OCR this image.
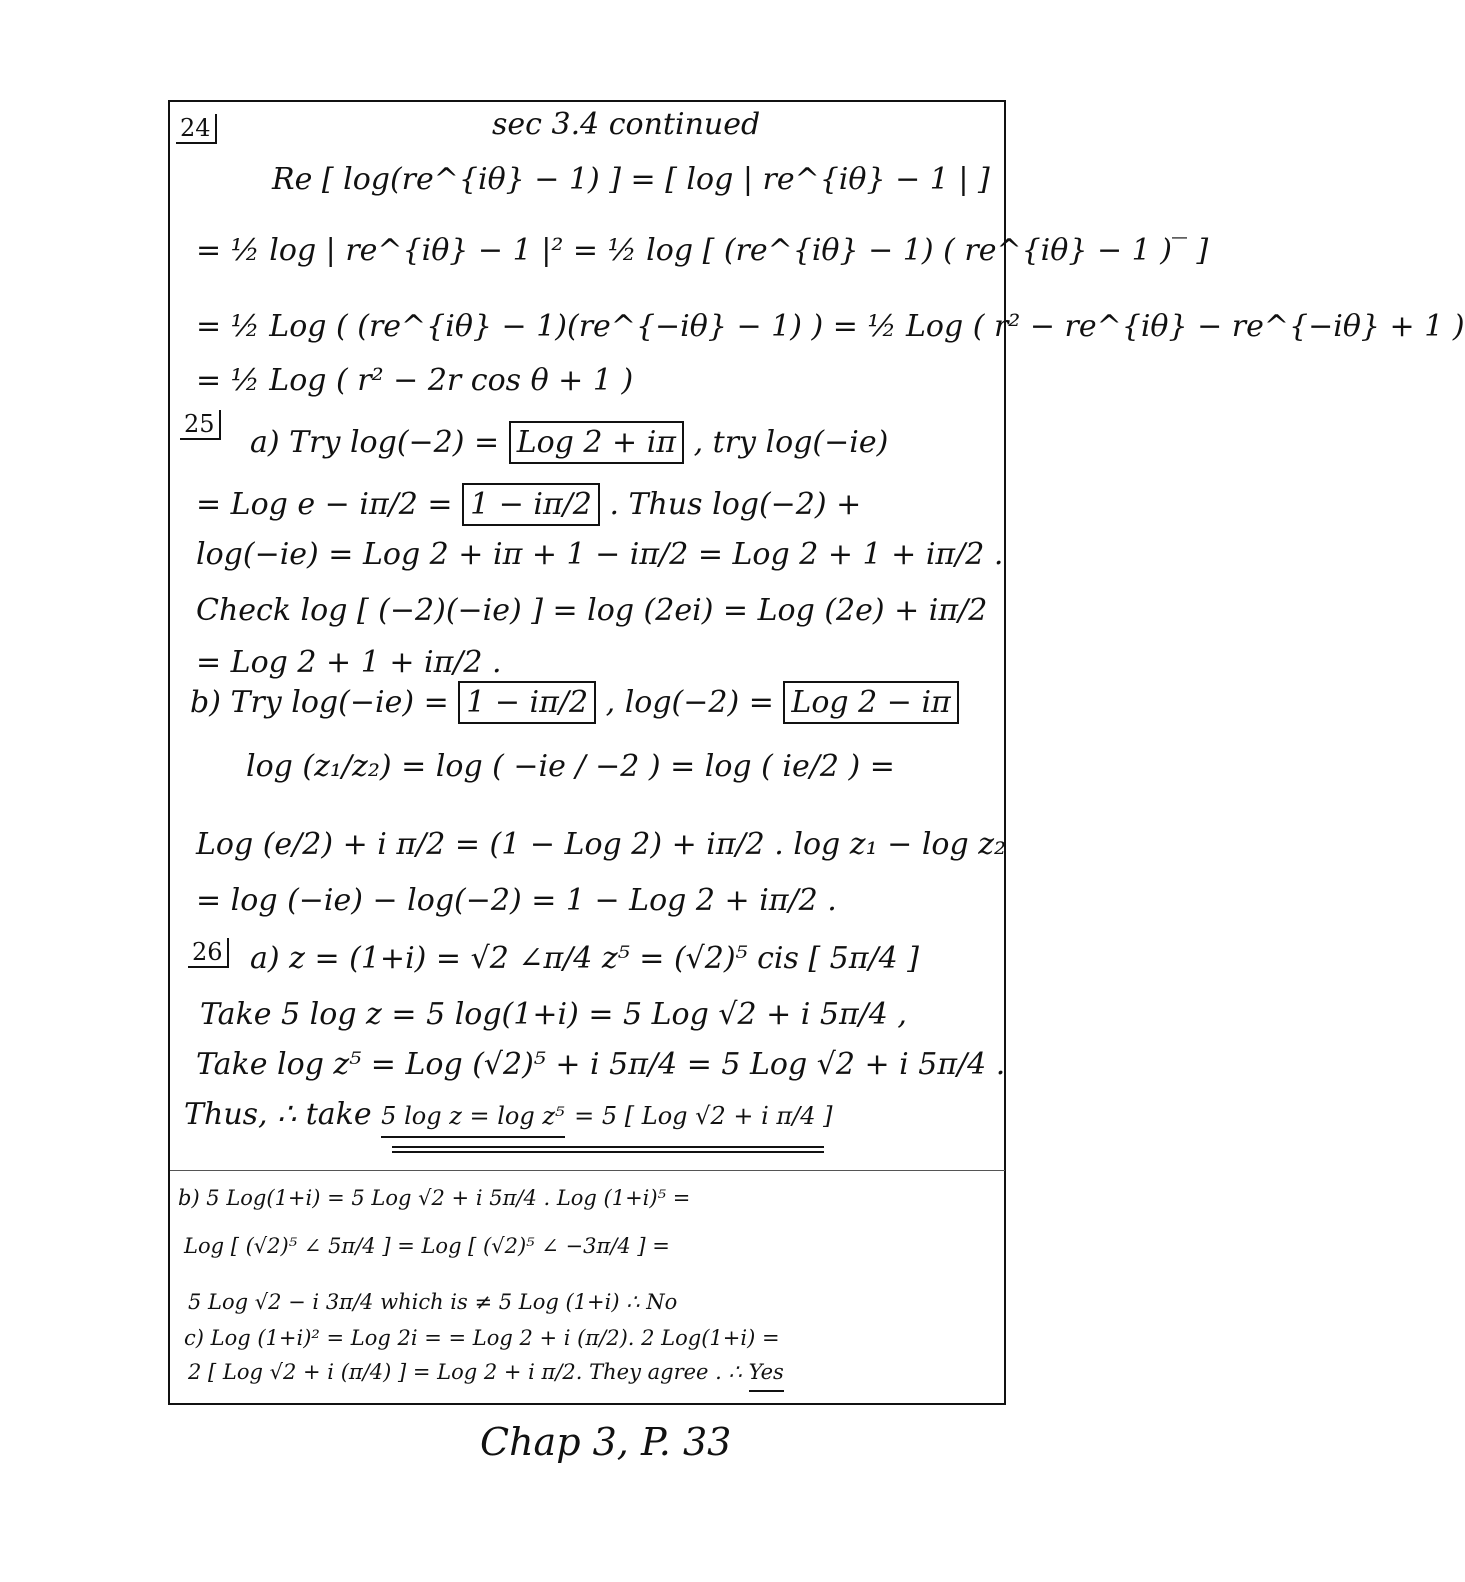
24	sec 3.4 continued
Re [ log(re^{iθ} − 1) ] = [ log | re^{iθ} − 1 | ]
= ½ log | re^{iθ} − 1 |² = ½ log [ (re^{iθ} − 1) ( re^{iθ} − 1 )‾ ]
= ½ Log ( (re^{iθ} − 1)(re^{−iθ} − 1) ) = ½ Log ( r² − re^{iθ} − re^{−iθ} + 1 )
= ½ Log ( r² − 2r cos θ + 1 )
25
a) Try log(−2) = Log 2 + iπ , try log(−ie)
= Log e − iπ/2 = 1 − iπ/2 . Thus log(−2) +
log(−ie) = Log 2 + iπ + 1 − iπ/2 = Log 2 + 1 + iπ/2 .
Check log [ (−2)(−ie) ] = log (2ei) = Log (2e) + iπ/2
= Log 2 + 1 + iπ/2 .
b) Try log(−ie) = 1 − iπ/2 , log(−2) = Log 2 − iπ
log (z₁/z₂) = log ( −ie / −2 ) = log ( ie/2 ) =
Log (e/2) + i π/2 = (1 − Log 2) + iπ/2 . log z₁ − log z₂
= log (−ie) − log(−2) = 1 − Log 2 + iπ/2 .
26 a) z = (1+i) = √2 ∠π/4 z⁵ = (√2)⁵ cis [ 5π/4 ]
Take 5 log z = 5 log(1+i) = 5 Log √2 + i 5π/4 ,
Take log z⁵ = Log (√2)⁵ + i 5π/4 = 5 Log √2 + i 5π/4 .
Thus, ∴ take 5 log z = log z⁵ = 5 [ Log √2 + i π/4 ]
b) 5 Log(1+i) = 5 Log √2 + i 5π/4 . Log (1+i)⁵ =
Log [ (√2)⁵ ∠ 5π/4 ] = Log [ (√2)⁵ ∠ −3π/4 ] =
5 Log √2 − i 3π/4 which is ≠ 5 Log (1+i) ∴ No
c) Log (1+i)² = Log 2i = = Log 2 + i (π/2). 2 Log(1+i) =
2 [ Log √2 + i (π/4) ] = Log 2 + i π/2. They agree . ∴ Yes
Chap 3, P. 33
